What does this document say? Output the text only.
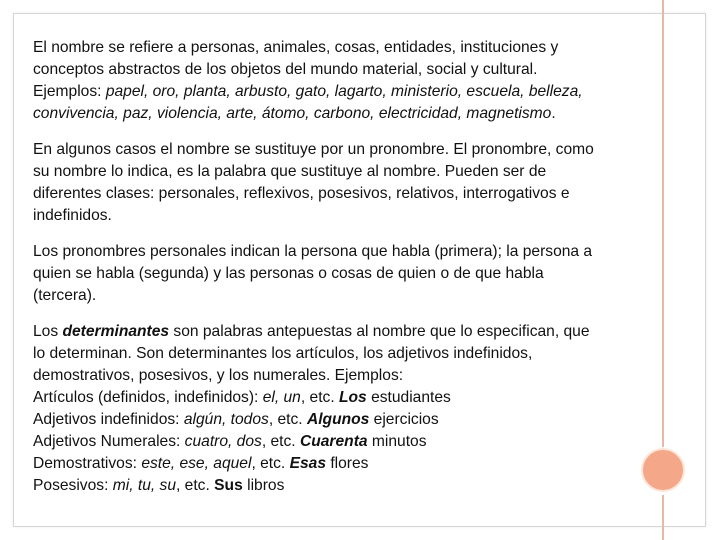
El nombre se refiere a personas, animales, cosas, entidades, instituciones y
conceptos abstractos de los objetos del mundo material, social y cultural.
Ejemplos: papel, oro, planta, arbusto, gato, lagarto, ministerio, escuela, belleza,
convivencia, paz, violencia, arte, átomo, carbono, electricidad, magnetismo.

En algunos casos el nombre se sustituye por un pronombre. El pronombre, como
su nombre lo indica, es la palabra que sustituye al nombre. Pueden ser de
diferentes clases: personales, reflexivos, posesivos, relativos, interrogativos e
indefinidos.

Los pronombres personales indican la persona que habla (primera); la persona a
quien se habla (segunda) y las personas o cosas de quien o de que habla
(tercera).

Los determinantes son palabras antepuestas al nombre que lo especifican, que
lo determinan. Son determinantes los artículos, los adjetivos indefinidos,
demostrativos, posesivos, y los numerales. Ejemplos:
Artículos (definidos, indefinidos): el, un, etc. Los estudiantes
Adjetivos indefinidos: algún, todos, etc. Algunos ejercicios
Adjetivos Numerales: cuatro, dos, etc. Cuarenta minutos
Demostrativos: este, ese, aquel, etc. Esas flores
Posesivos: mi, tu, su, etc. Sus libros
